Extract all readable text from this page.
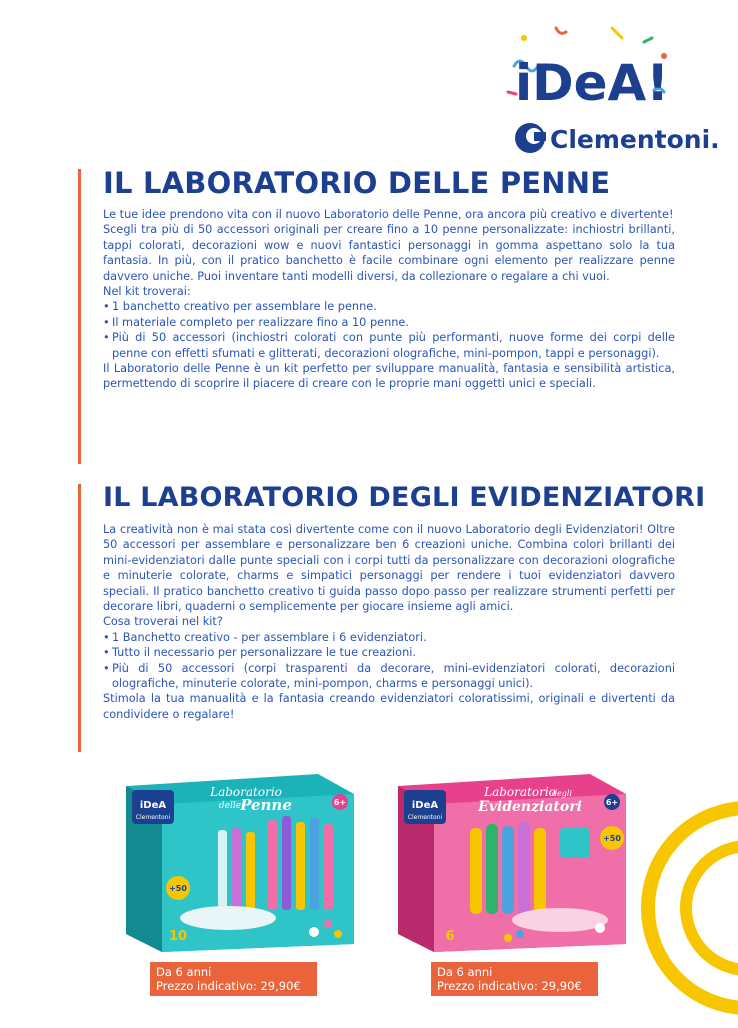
iDeA!
Clementoni.
IL LABORATORIO DELLE PENNE

Le tue idee prendono vita con il nuovo Laboratorio delle Penne, ora ancora più creativo e divertente!

Scegli tra più di 50 accessori originali per creare fino a 10 penne personalizzate: inchiostri brillanti, tappi colorati, decorazioni wow e nuovi fantastici personaggi in gomma aspettano solo la tua fantasia. In più, con il pratico banchetto è facile combinare ogni elemento per realizzare penne davvero uniche. Puoi inventare tanti modelli diversi, da collezionare o regalare a chi vuoi.

Nel kit troverai:

• 1 banchetto creativo per assemblare le penne.
• Il materiale completo per realizzare fino a 10 penne.
• Più di 50 accessori (inchiostri colorati con punte più performanti, nuove forme dei corpi delle penne con effetti sfumati e glitterati, decorazioni olografiche, mini-pompon, tappi e personaggi).

Il Laboratorio delle Penne è un kit perfetto per sviluppare manualità, fantasia e sensibilità artistica, permettendo di scoprire il piacere di creare con le proprie mani oggetti unici e speciali.

IL LABORATORIO DEGLI EVIDENZIATORI

La creatività non è mai stata così divertente come con il nuovo Laboratorio degli Evidenziatori! Oltre 50 accessori per assemblare e personalizzare ben 6 creazioni uniche. Combina colori brillanti dei mini-evidenziatori dalle punte speciali con i corpi tutti da personalizzare con decorazioni olografiche e minuterie colorate, charms e simpatici personaggi per rendere i tuoi evidenziatori davvero speciali. Il pratico banchetto creativo ti guida passo dopo passo per realizzare strumenti perfetti per decorare libri, quaderni o semplicemente per giocare insieme agli amici.

Cosa troverai nel kit?

• 1 Banchetto creativo - per assemblare i 6 evidenziatori.
• Tutto il necessario per personalizzare le tue creazioni.
• Più di 50 accessori (corpi trasparenti da decorare, mini-evidenziatori colorati, decorazioni olografiche, minuterie colorate, mini-pompon, charms e personaggi unici).

Stimola la tua manualità e la fantasia creando evidenziatori coloratissimi, originali e divertenti da condividere o regalare!

iDeA
Clementoni
Laboratorio
delle Penne	6+
+50
10
iDeA
Clementoni
Laboratorio
degli
Evidenziatori	6+
+50
6
Da 6 anni
Prezzo indicativo: 29,90€
Da 6 anni
Prezzo indicativo: 29,90€
